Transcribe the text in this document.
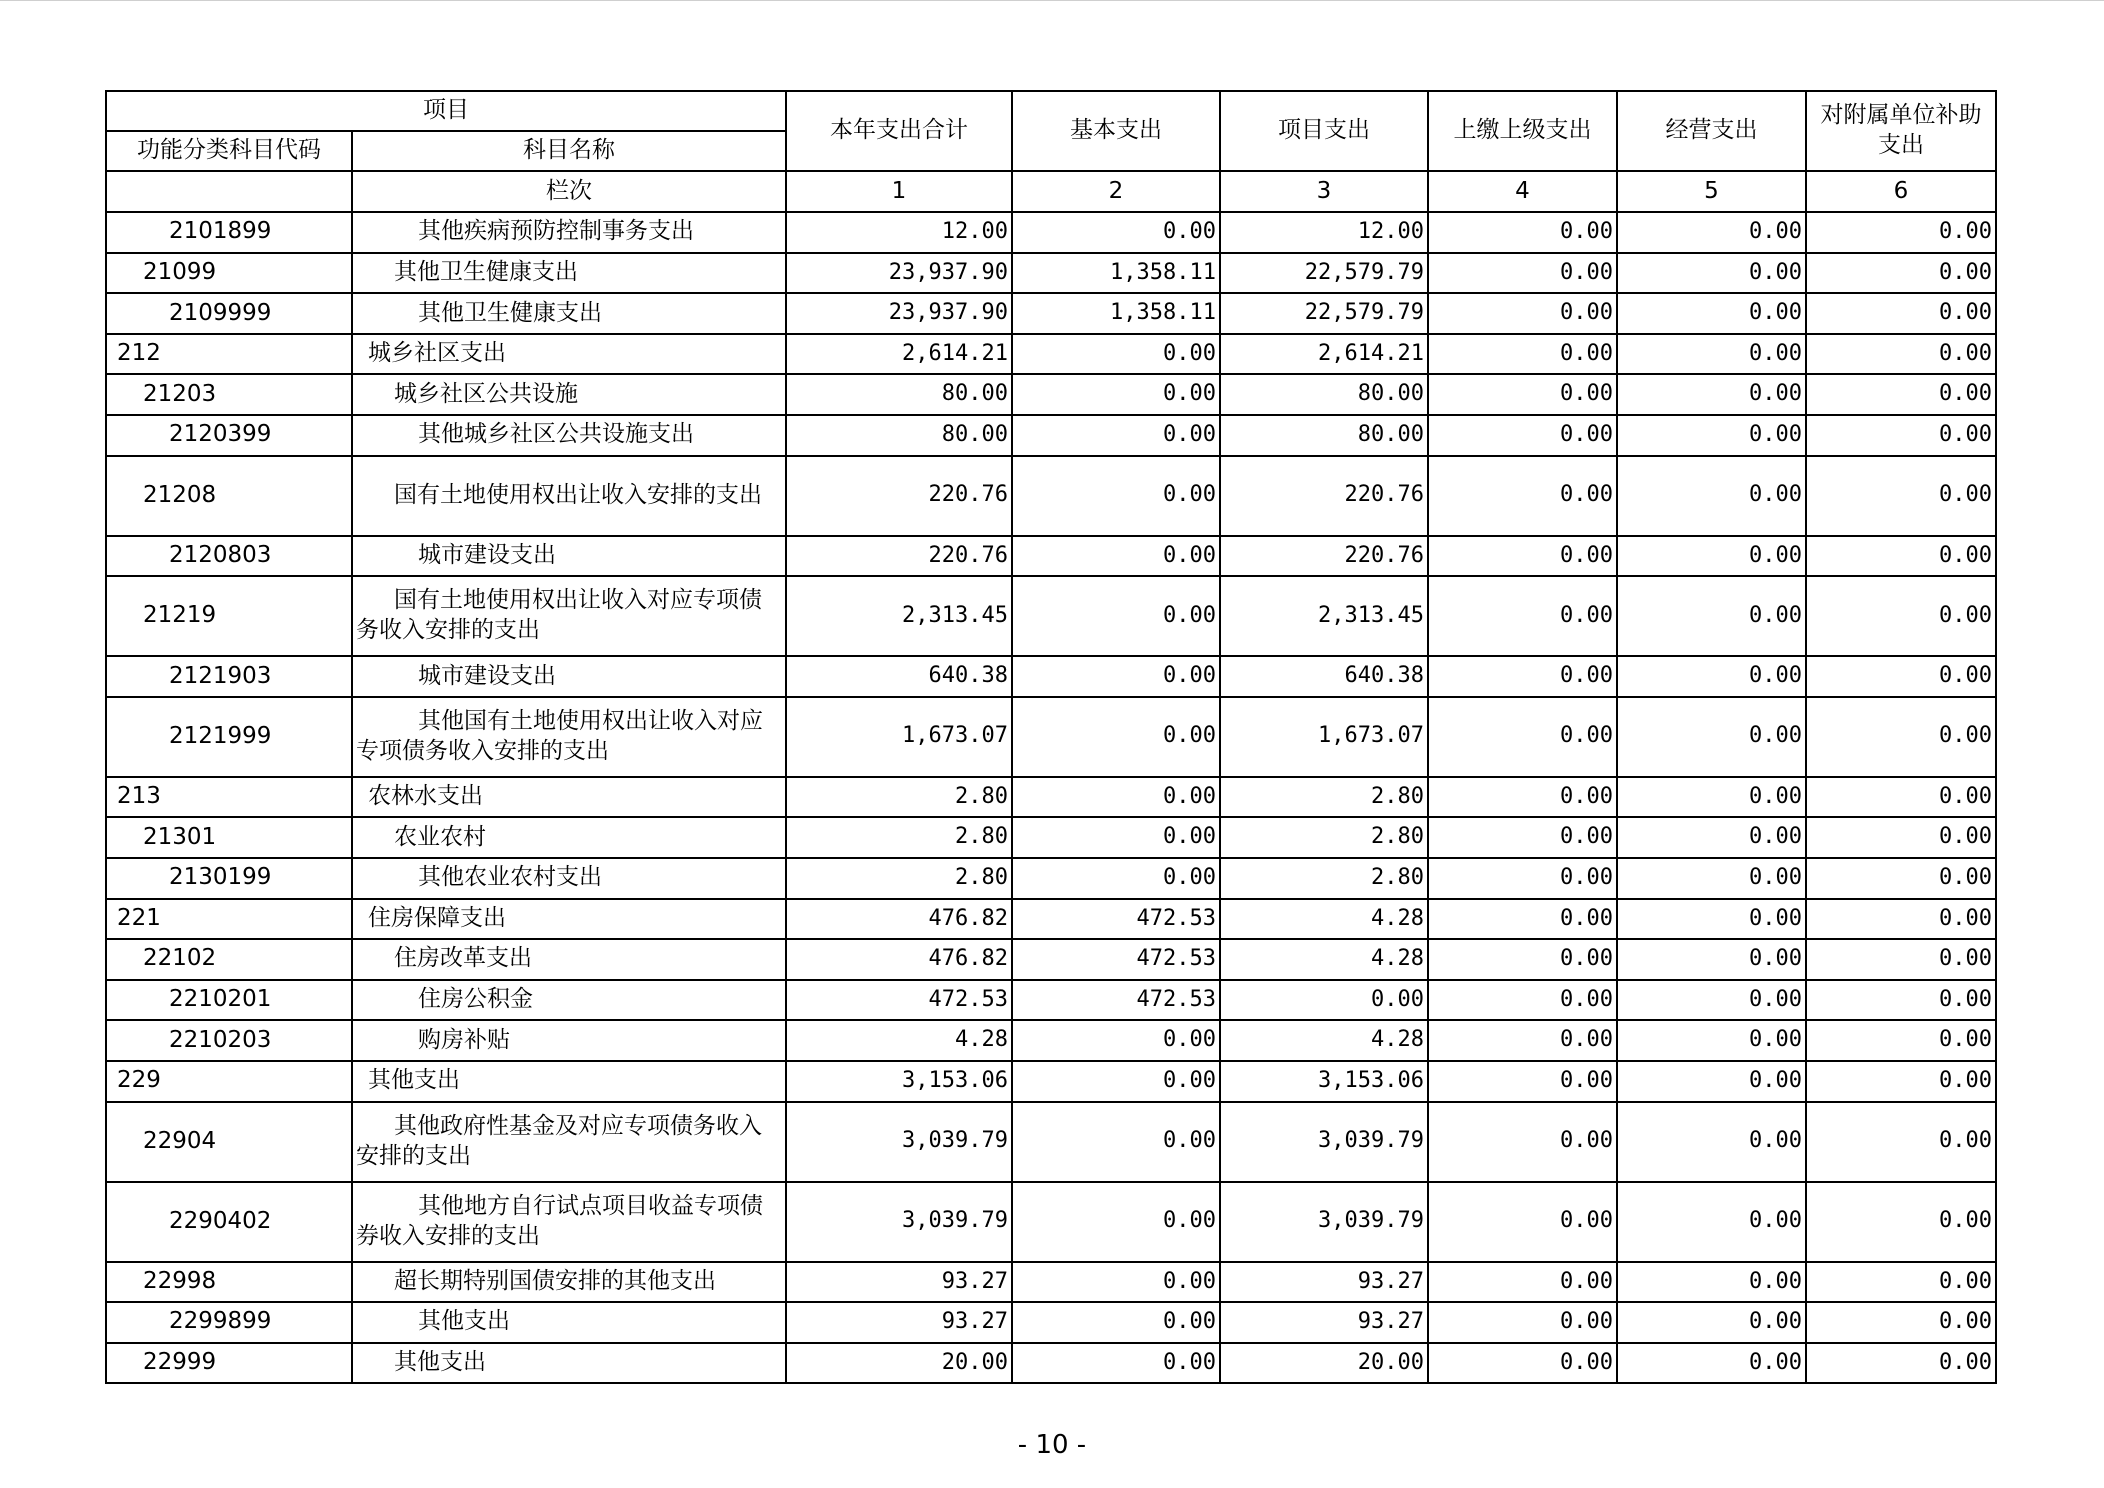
项目		本年支出合计	基本支出	项目支出	上缴上级支出	经营支出	对附属单位补助支出
功能分类科目代码	科目名称						
	栏次	1	2	3	4	5	6
2101899	其他疾病预防控制事务支出	12.00	0.00	12.00	0.00	0.00	0.00
21099	其他卫生健康支出	23,937.90	1,358.11	22,579.79	0.00	0.00	0.00
2109999	其他卫生健康支出	23,937.90	1,358.11	22,579.79	0.00	0.00	0.00
212	城乡社区支出	2,614.21	0.00	2,614.21	0.00	0.00	0.00
21203	城乡社区公共设施	80.00	0.00	80.00	0.00	0.00	0.00
2120399	其他城乡社区公共设施支出	80.00	0.00	80.00	0.00	0.00	0.00
21208	国有土地使用权出让收入安排的支出	220.76	0.00	220.76	0.00	0.00	0.00
2120803	城市建设支出	220.76	0.00	220.76	0.00	0.00	0.00
21219	国有土地使用权出让收入对应专项债务收入安排的支出	2,313.45	0.00	2,313.45	0.00	0.00	0.00
2121903	城市建设支出	640.38	0.00	640.38	0.00	0.00	0.00
2121999	其他国有土地使用权出让收入对应专项债务收入安排的支出	1,673.07	0.00	1,673.07	0.00	0.00	0.00
213	农林水支出	2.80	0.00	2.80	0.00	0.00	0.00
21301	农业农村	2.80	0.00	2.80	0.00	0.00	0.00
2130199	其他农业农村支出	2.80	0.00	2.80	0.00	0.00	0.00
221	住房保障支出	476.82	472.53	4.28	0.00	0.00	0.00
22102	住房改革支出	476.82	472.53	4.28	0.00	0.00	0.00
2210201	住房公积金	472.53	472.53	0.00	0.00	0.00	0.00
2210203	购房补贴	4.28	0.00	4.28	0.00	0.00	0.00
229	其他支出	3,153.06	0.00	3,153.06	0.00	0.00	0.00
22904	其他政府性基金及对应专项债务收入安排的支出	3,039.79	0.00	3,039.79	0.00	0.00	0.00
2290402	其他地方自行试点项目收益专项债券收入安排的支出	3,039.79	0.00	3,039.79	0.00	0.00	0.00
22998	超长期特别国债安排的其他支出	93.27	0.00	93.27	0.00	0.00	0.00
2299899	其他支出	93.27	0.00	93.27	0.00	0.00	0.00
22999	其他支出	20.00	0.00	20.00	0.00	0.00	0.00
- 10 -
